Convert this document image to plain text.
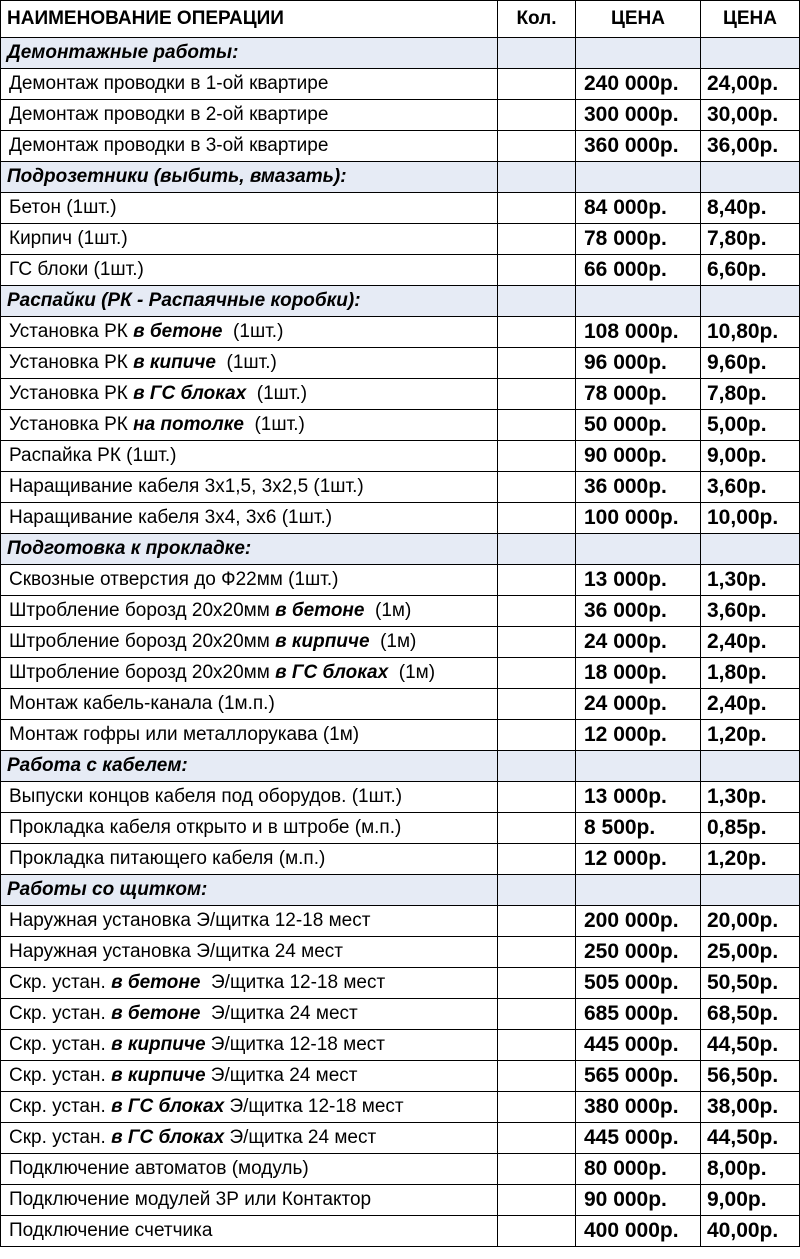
НАИМЕНОВАНИЕ ОПЕРАЦИИ	Кол.	ЦЕНА	ЦЕНА
Демонтажные работы:			
Демонтаж проводки в 1-ой квартире		240 000р.	24,00р.
Демонтаж проводки в 2-ой квартире		300 000р.	30,00р.
Демонтаж проводки в 3-ой квартире		360 000р.	36,00р.
Подрозетники (выбить, вмазать):			
Бетон (1шт.)		84 000р.	8,40р.
Кирпич (1шт.)		78 000р.	7,80р.
ГС блоки (1шт.)		66 000р.	6,60р.
Распайки (РК - Распаячные коробки):			
Установка РК в бетоне  (1шт.)		108 000р.	10,80р.
Установка РК в кипиче  (1шт.)		96 000р.	9,60р.
Установка РК в ГС блоках  (1шт.)		78 000р.	7,80р.
Установка РК на потолке  (1шт.)		50 000р.	5,00р.
Распайка РК (1шт.)		90 000р.	9,00р.
Наращивание кабеля 3х1,5, 3х2,5 (1шт.)		36 000р.	3,60р.
Наращивание кабеля 3х4, 3х6 (1шт.)		100 000р.	10,00р.
Подготовка к прокладке:			
Сквозные отверстия до Ф22мм (1шт.)		13 000р.	1,30р.
Штробление борозд 20х20мм в бетоне  (1м)		36 000р.	3,60р.
Штробление борозд 20х20мм в кирпиче  (1м)		24 000р.	2,40р.
Штробление борозд 20х20мм в ГС блоках  (1м)		18 000р.	1,80р.
Монтаж кабель-канала (1м.п.)		24 000р.	2,40р.
Монтаж гофры или металлорукава (1м)		12 000р.	1,20р.
Работа с кабелем:			
Выпуски концов кабеля под оборудов. (1шт.)		13 000р.	1,30р.
Прокладка кабеля открыто и в штробе (м.п.)		8 500р.	0,85р.
Прокладка питающего кабеля (м.п.)		12 000р.	1,20р.
Работы со щитком:			
Наружная установка Э/щитка 12-18 мест		200 000р.	20,00р.
Наружная установка Э/щитка 24 мест		250 000р.	25,00р.
Скр. устан. в бетоне  Э/щитка 12-18 мест		505 000р.	50,50р.
Скр. устан. в бетоне  Э/щитка 24 мест		685 000р.	68,50р.
Скр. устан. в кирпиче Э/щитка 12-18 мест		445 000р.	44,50р.
Скр. устан. в кирпиче Э/щитка 24 мест		565 000р.	56,50р.
Скр. устан. в ГС блоках Э/щитка 12-18 мест		380 000р.	38,00р.
Скр. устан. в ГС блоках Э/щитка 24 мест		445 000р.	44,50р.
Подключение автоматов (модуль)		80 000р.	8,00р.
Подключение модулей 3Р или Контактор		90 000р.	9,00р.
Подключение счетчика		400 000р.	40,00р.
